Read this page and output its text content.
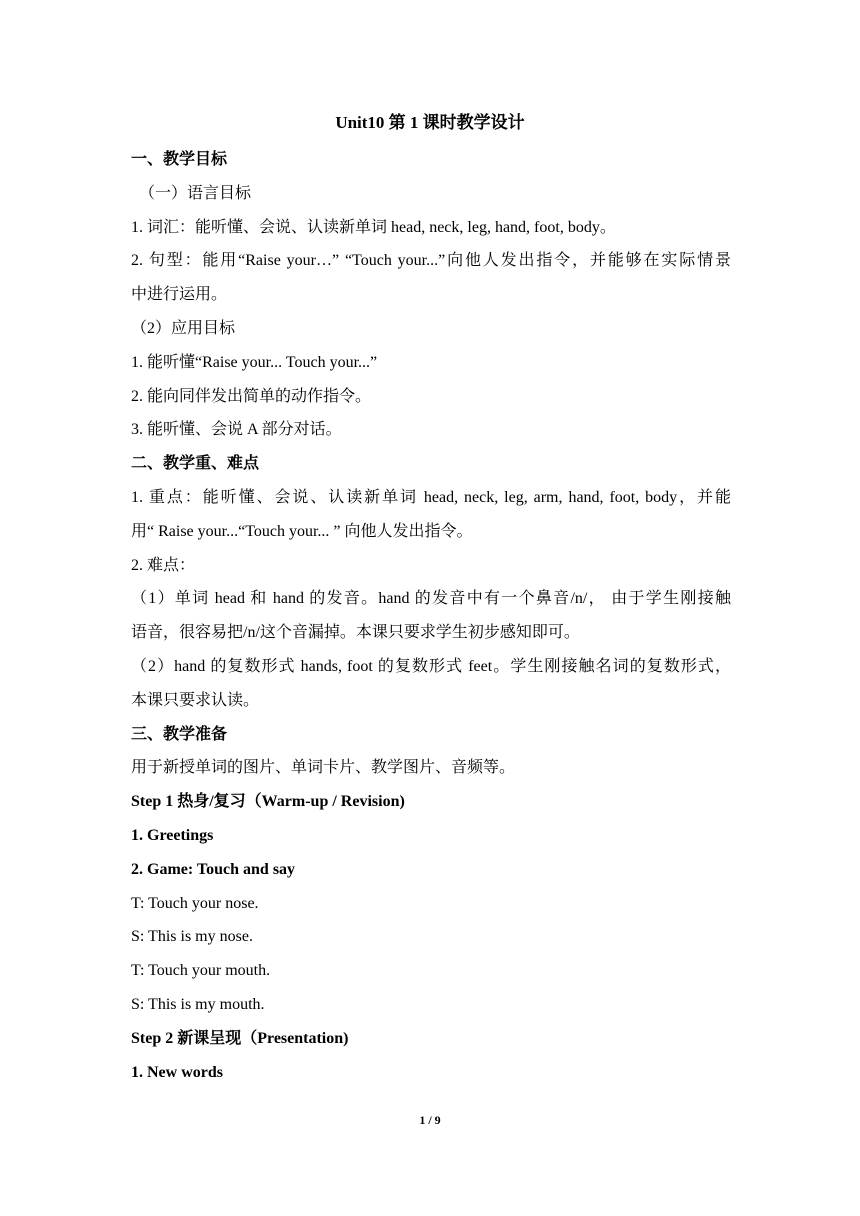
Unit10 第 1 课时教学设计
一、教学目标
（一）语言目标
1. 词汇：能听懂、会说、认读新单词 head, neck, leg, hand, foot, body。
2. 句型：能用“Raise your…” “Touch your...”向他人发出指令，并能够在实际情景
中进行运用。
（2）应用目标
1. 能听懂“Raise your... Touch your...”
2. 能向同伴发出简单的动作指令。
3. 能听懂、会说 A 部分对话。
二、教学重、难点
1. 重点：能听懂、会说、认读新单词 head, neck, leg, arm, hand, foot, body，并能
用“ Raise your...“Touch your... ” 向他人发出指令。
2. 难点：
（1）单词 head 和 hand 的发音。hand 的发音中有一个鼻音/n/， 由于学生刚接触
语音，很容易把/n/这个音漏掉。本课只要求学生初步感知即可。
（2）hand 的复数形式 hands, foot 的复数形式 feet。学生刚接触名词的复数形式，
本课只要求认读。
三、教学准备
用于新授单词的图片、单词卡片、教学图片、音频等。
Step 1 热身/复习（Warm-up / Revision)
1. Greetings
2. Game: Touch and say
T: Touch your nose.
S: This is my nose.
T: Touch your mouth.
S: This is my mouth.
Step 2 新课呈现（Presentation)
1. New words
1 / 9
